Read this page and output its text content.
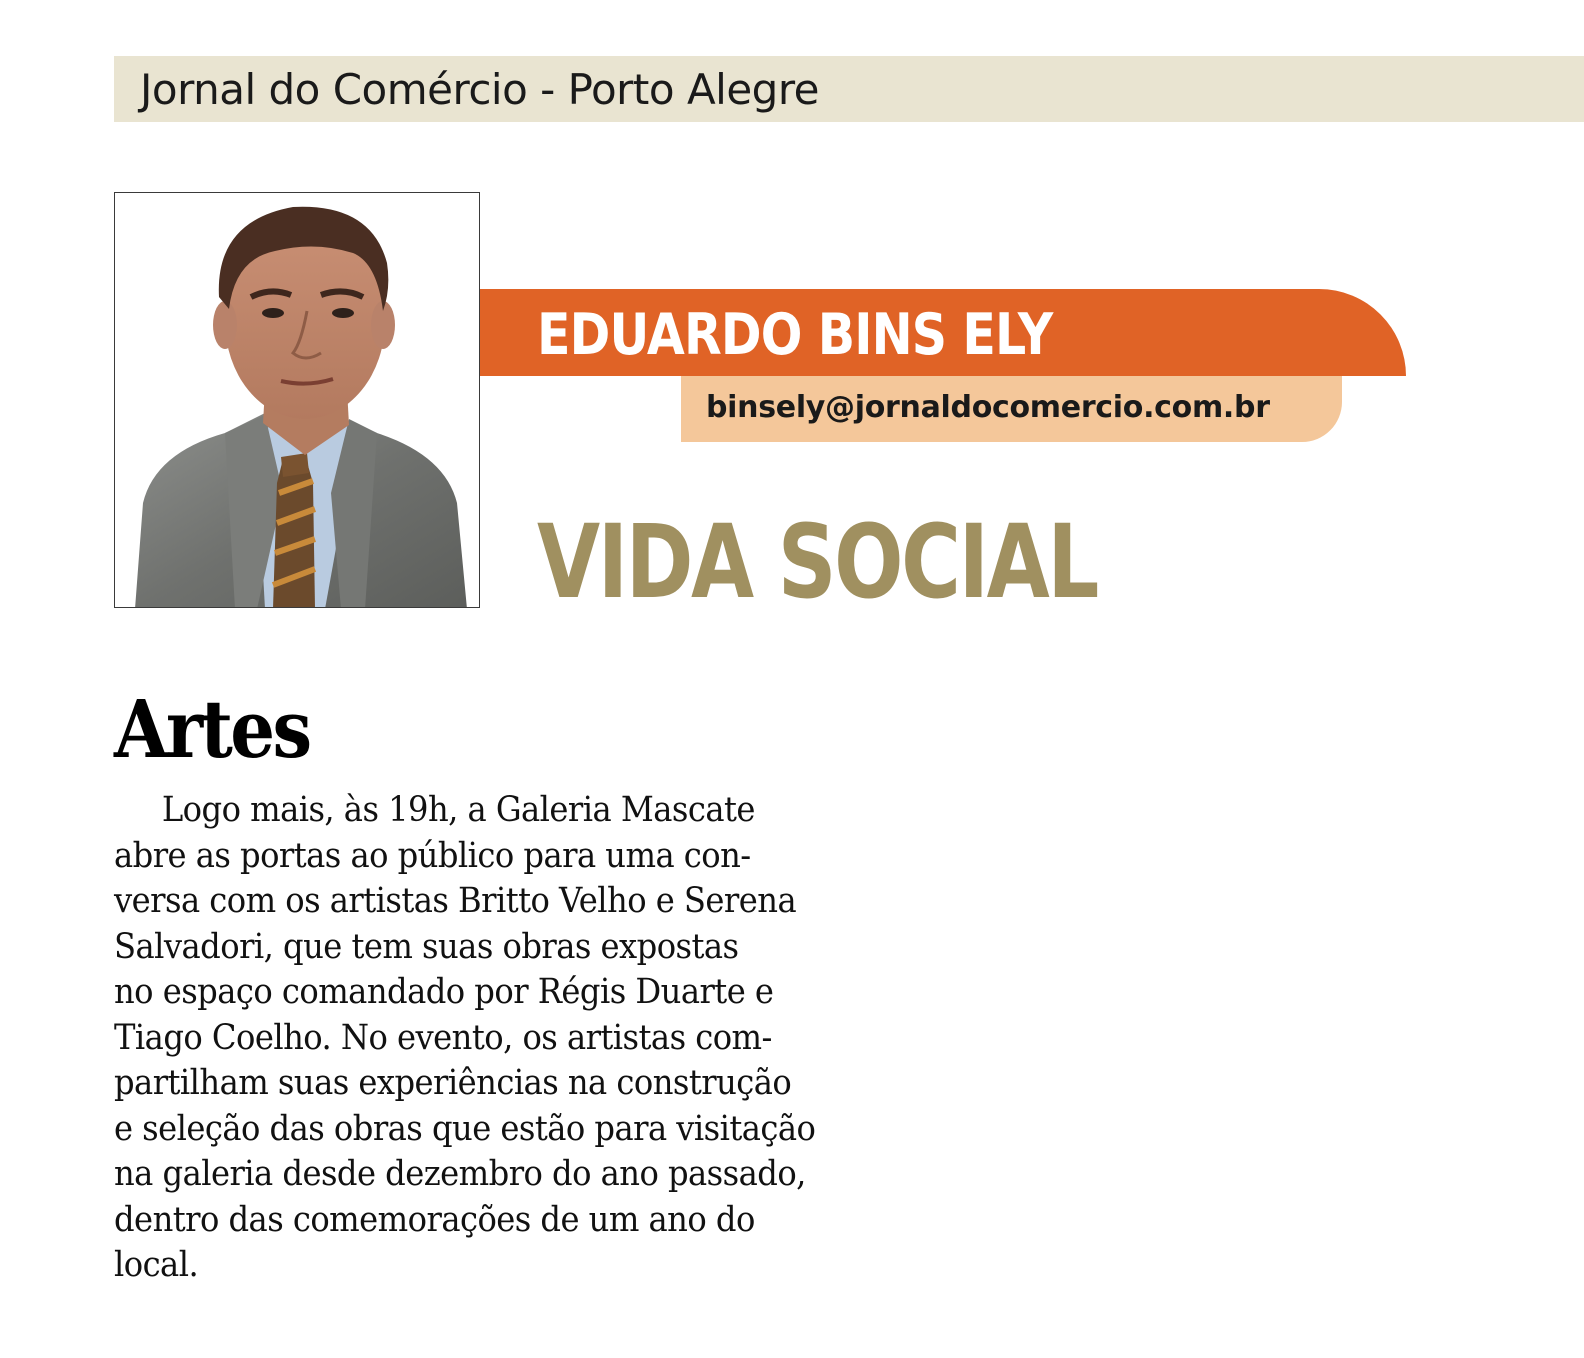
Jornal do Comércio - Porto Alegre
EDUARDO BINS ELY
binsely@jornaldocomercio.com.br
VIDA SOCIAL
Artes
Logo mais, às 19h, a Galeria Mascate
abre as portas ao público para uma con-
versa com os artistas Britto Velho e Serena
Salvadori, que tem suas obras expostas
no espaço comandado por Régis Duarte e
Tiago Coelho. No evento, os artistas com-
partilham suas experiências na construção
e seleção das obras que estão para visitação
na galeria desde dezembro do ano passado,
dentro das comemorações de um ano do
local.
